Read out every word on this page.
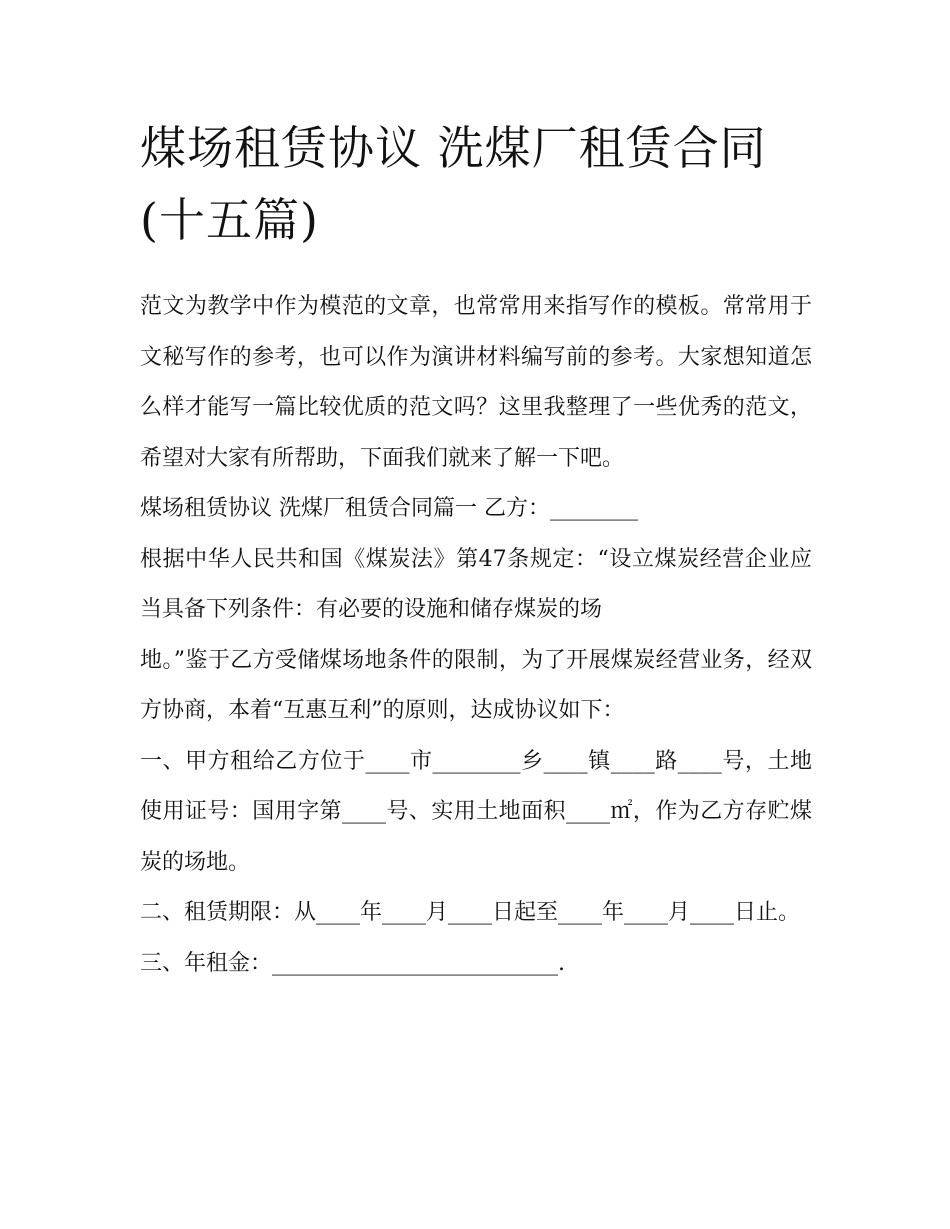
煤场租赁协议 洗煤厂租赁合同
(十五篇)

范文为教学中作为模范的文章，也常常用来指写作的模板。常常用于文秘写作的参考，也可以作为演讲材料编写前的参考。大家想知道怎么样才能写一篇比较优质的范文吗？这里我整理了一些优秀的范文，希望对大家有所帮助，下面我们就来了解一下吧。

煤场租赁协议 洗煤厂租赁合同篇一 乙方：________

根据中华人民共和国《煤炭法》第47条规定：“设立煤炭经营企业应当具备下列条件：有必要的设施和储存煤炭的场

地。”鉴于乙方受储煤场地条件的限制，为了开展煤炭经营业务，经双方协商，本着“互惠互利”的原则，达成协议如下：

一、甲方租给乙方位于____市________乡____镇____路____号，土地使用证号：国用字第____号、实用土地面积____㎡，作为乙方存贮煤炭的场地。

二、租赁期限：从____年____月____日起至____年____月____日止。

三、年租金：__________________________.
